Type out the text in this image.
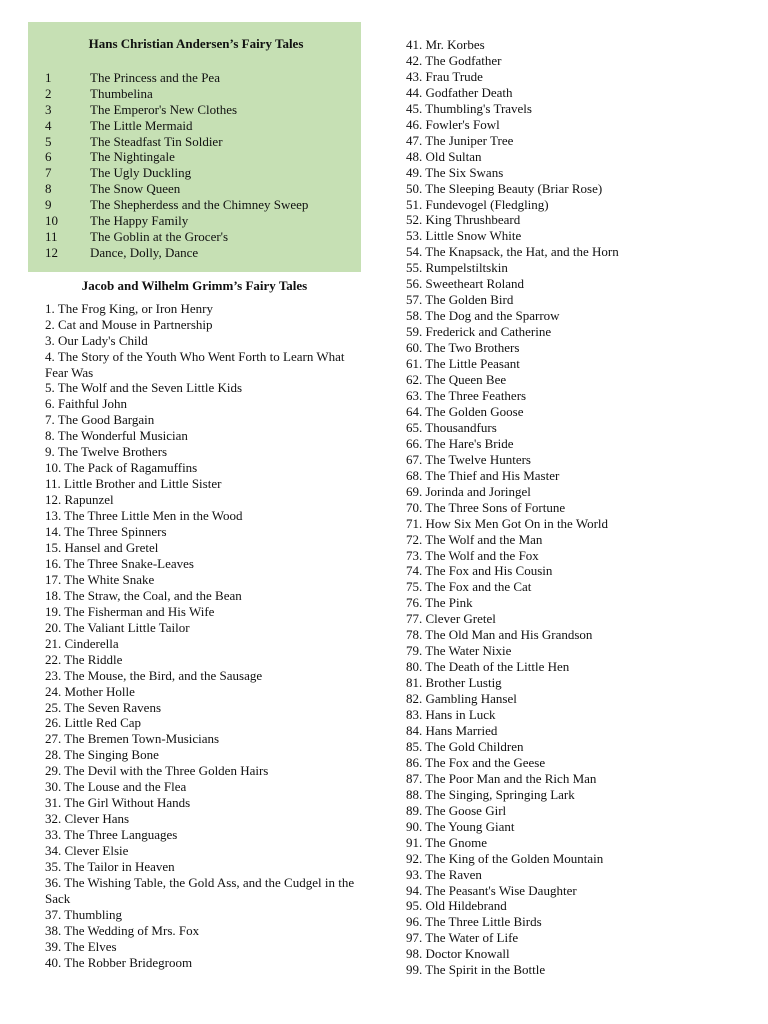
Hans Christian Andersen’s Fairy Tales
1	The Princess and the Pea
2	Thumbelina
3	The Emperor's New Clothes
4	The Little Mermaid
5	The Steadfast Tin Soldier
6	The Nightingale
7	The Ugly Duckling
8	The Snow Queen
9	The Shepherdess and the Chimney Sweep
10	The Happy Family
11	The Goblin at the Grocer's
12	Dance, Dolly, Dance
Jacob and Wilhelm Grimm’s Fairy Tales
1. The Frog King, or Iron Henry
2. Cat and Mouse in Partnership
3. Our Lady's Child
4. The Story of the Youth Who Went Forth to Learn What Fear Was
5. The Wolf and the Seven Little Kids
6. Faithful John
7. The Good Bargain
8. The Wonderful Musician
9. The Twelve Brothers
10. The Pack of Ragamuffins
11. Little Brother and Little Sister
12. Rapunzel
13. The Three Little Men in the Wood
14. The Three Spinners
15. Hansel and Gretel
16. The Three Snake-Leaves
17. The White Snake
18. The Straw, the Coal, and the Bean
19. The Fisherman and His Wife
20. The Valiant Little Tailor
21. Cinderella
22. The Riddle
23. The Mouse, the Bird, and the Sausage
24. Mother Holle
25. The Seven Ravens
26. Little Red Cap
27. The Bremen Town-Musicians
28. The Singing Bone
29. The Devil with the Three Golden Hairs
30. The Louse and the Flea
31. The Girl Without Hands
32. Clever Hans
33. The Three Languages
34. Clever Elsie
35. The Tailor in Heaven
36. The Wishing Table, the Gold Ass, and the Cudgel in the Sack
37. Thumbling
38. The Wedding of Mrs. Fox
39. The Elves
40. The Robber Bridegroom
41. Mr. Korbes
42. The Godfather
43. Frau Trude
44. Godfather Death
45. Thumbling's Travels
46. Fowler's Fowl
47. The Juniper Tree
48. Old Sultan
49. The Six Swans
50. The Sleeping Beauty (Briar Rose)
51. Fundevogel (Fledgling)
52. King Thrushbeard
53. Little Snow White
54. The Knapsack, the Hat, and the Horn
55. Rumpelstiltskin
56. Sweetheart Roland
57. The Golden Bird
58. The Dog and the Sparrow
59. Frederick and Catherine
60. The Two Brothers
61. The Little Peasant
62. The Queen Bee
63. The Three Feathers
64. The Golden Goose
65. Thousandfurs
66. The Hare's Bride
67. The Twelve Hunters
68. The Thief and His Master
69. Jorinda and Joringel
70. The Three Sons of Fortune
71. How Six Men Got On in the World
72. The Wolf and the Man
73. The Wolf and the Fox
74. The Fox and His Cousin
75. The Fox and the Cat
76. The Pink
77. Clever Gretel
78. The Old Man and His Grandson
79. The Water Nixie
80. The Death of the Little Hen
81. Brother Lustig
82. Gambling Hansel
83. Hans in Luck
84. Hans Married
85. The Gold Children
86. The Fox and the Geese
87. The Poor Man and the Rich Man
88. The Singing, Springing Lark
89. The Goose Girl
90. The Young Giant
91. The Gnome
92. The King of the Golden Mountain
93. The Raven
94. The Peasant's Wise Daughter
95. Old Hildebrand
96. The Three Little Birds
97. The Water of Life
98. Doctor Knowall
99. The Spirit in the Bottle
